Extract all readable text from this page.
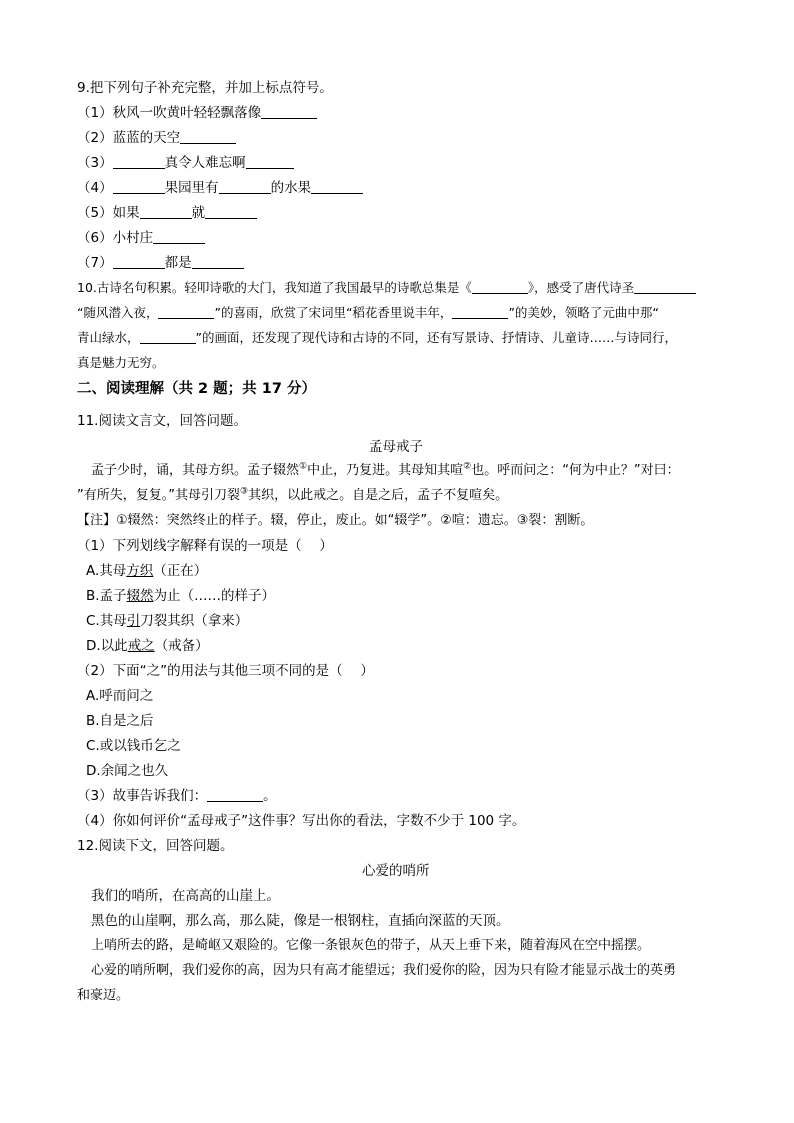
9.把下列句子补充完整，并加上标点符号。
（1）秋风一吹黄叶轻轻飘落像
（2）蓝蓝的天空
（3）	真令人难忘啊
（4）	果园里有	的水果
（5）如果	就
（6）小村庄
（7）	都是
10.古诗名句积累。轻叩诗歌的大门，我知道了我国最早的诗歌总集是《	》，感受了唐代诗圣
“随风潜入夜，	”的喜雨，欣赏了宋词里“稻花香里说丰年，	”的美妙，领略了元曲中那“
青山绿水，	”的画面，还发现了现代诗和古诗的不同，还有写景诗、抒情诗、儿童诗……与诗同行，
真是魅力无穷。
二、阅读理解（共 2 题；共 17 分）
11.阅读文言文，回答问题。
孟母戒子
孟子少时，诵，其母方织。孟子辍然①中止，乃复进。其母知其喧②也。呼而问之：“何为中止？”对曰：
”有所失，复复。”其母引刀裂③其织，以此戒之。自是之后，孟子不复喧矣。
【注】①辍然：突然终止的样子。辍，停止，废止。如“辍学”。②喧：遗忘。③裂：割断。
（1）下列划线字解释有误的一项是（　 ）
A.其母方织（正在）
B.孟子辍然为止（……的样子）
C.其母引刀裂其织（拿来）
D.以此戒之（戒备）
（2）下面“之”的用法与其他三项不同的是（　 ）
A.呼而问之
B.自是之后
C.或以钱币乞之
D.余闻之也久
（3）故事告诉我们：	。
（4）你如何评价“孟母戒子”这件事？写出你的看法，字数不少于 100 字。
12.阅读下文，回答问题。
心爱的哨所
我们的哨所，在高高的山崖上。
黑色的山崖啊，那么高，那么陡，像是一根钢柱，直插向深蓝的天顶。
上哨所去的路，是崎岖又艰险的。它像一条银灰色的带子，从天上垂下来，随着海风在空中摇摆。
心爱的哨所啊，我们爱你的高，因为只有高才能望远；我们爱你的险，因为只有险才能显示战士的英勇
和豪迈。
